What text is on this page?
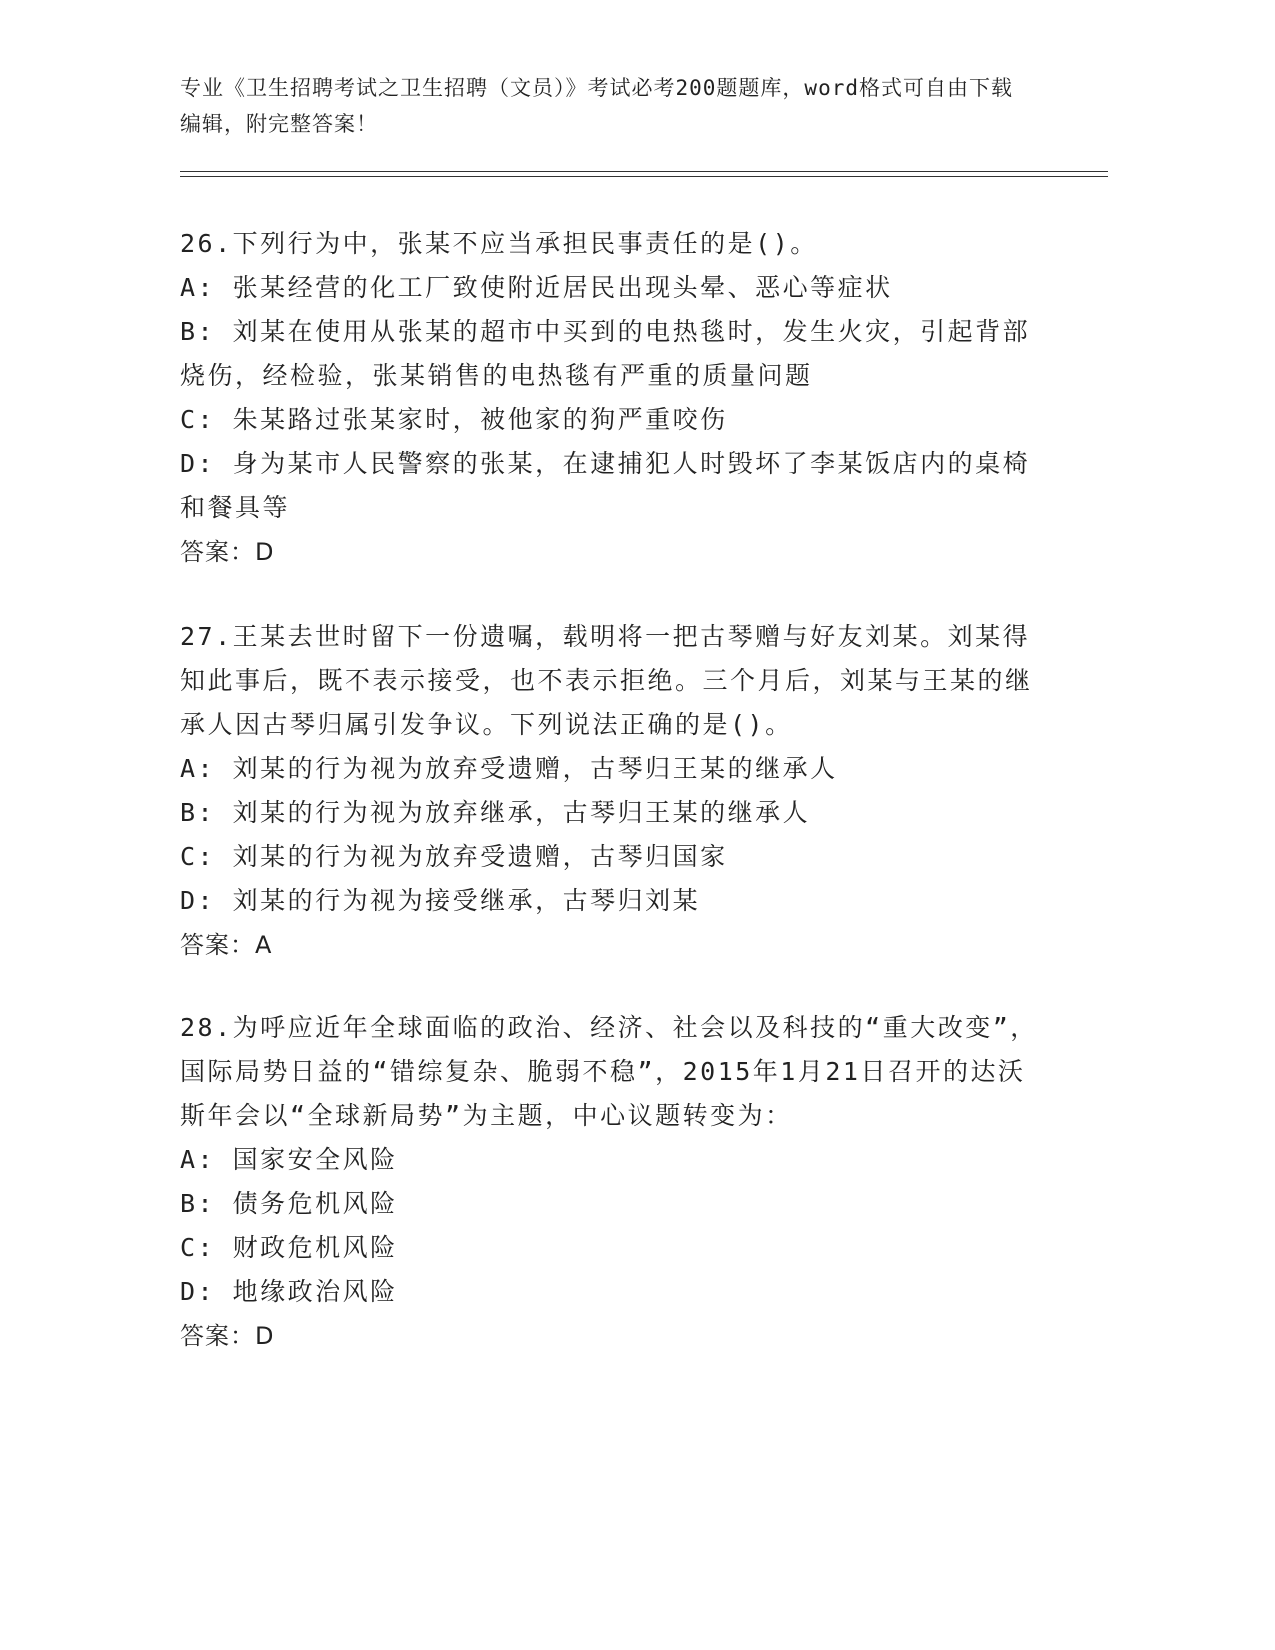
专业《卫生招聘考试之卫生招聘（文员）》考试必考200题题库，word格式可自由下载编辑，附完整答案！

26.下列行为中，张某不应当承担民事责任的是()。

A: 张某经营的化工厂致使附近居民出现头晕、恶心等症状

B: 刘某在使用从张某的超市中买到的电热毯时，发生火灾，引起背部烧伤，经检验，张某销售的电热毯有严重的质量问题

C: 朱某路过张某家时，被他家的狗严重咬伤

D: 身为某市人民警察的张某，在逮捕犯人时毁坏了李某饭店内的桌椅和餐具等

答案：D

27.王某去世时留下一份遗嘱，载明将一把古琴赠与好友刘某。刘某得知此事后，既不表示接受，也不表示拒绝。三个月后，刘某与王某的继承人因古琴归属引发争议。下列说法正确的是()。

A: 刘某的行为视为放弃受遗赠，古琴归王某的继承人

B: 刘某的行为视为放弃继承，古琴归王某的继承人

C: 刘某的行为视为放弃受遗赠，古琴归国家

D: 刘某的行为视为接受继承，古琴归刘某

答案：A

28.为呼应近年全球面临的政治、经济、社会以及科技的“重大改变”，国际局势日益的“错综复杂、脆弱不稳”，2015年1月21日召开的达沃斯年会以“全球新局势”为主题，中心议题转变为：

A: 国家安全风险

B: 债务危机风险

C: 财政危机风险

D: 地缘政治风险

答案：D
